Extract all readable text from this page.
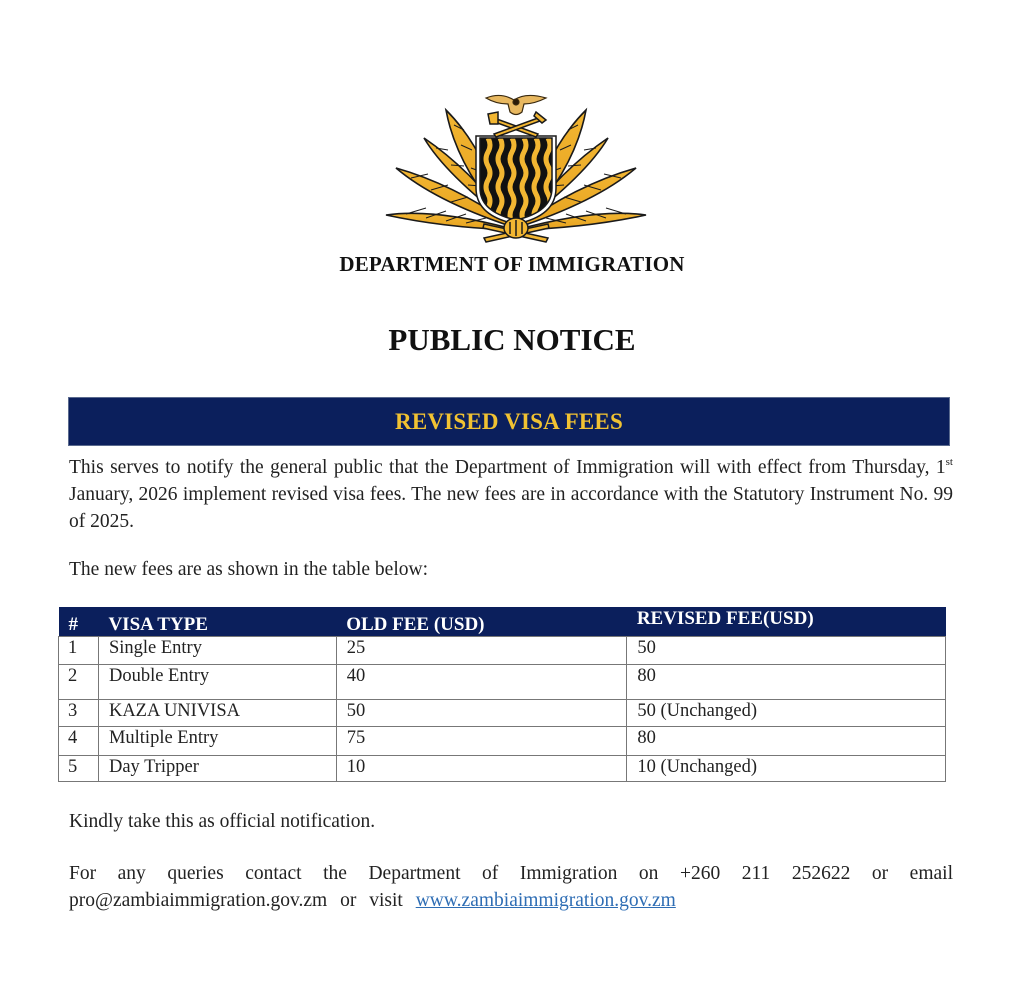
DEPARTMENT OF IMMIGRATION
PUBLIC NOTICE
REVISED VISA FEES

This serves to notify the general public that the Department of Immigration will with effect from Thursday, 1st January, 2026 implement revised visa fees. The new fees are in accordance with the Statutory Instrument No. 99 of 2025.

The new fees are as shown in the table below:

#	VISA TYPE	OLD FEE (USD)	REVISED FEE(USD)
1	Single Entry	25	50
2	Double Entry	40	80
3	KAZA UNIVISA	50	50 (Unchanged)
4	Multiple Entry	75	80
5	Day Tripper	10	10 (Unchanged)

Kindly take this as official notification.

For any queries contact the Department of Immigration on +260 211 252622 or email pro@zambiaimmigration.gov.zm or visit www.zambiaimmigration.gov.zm
